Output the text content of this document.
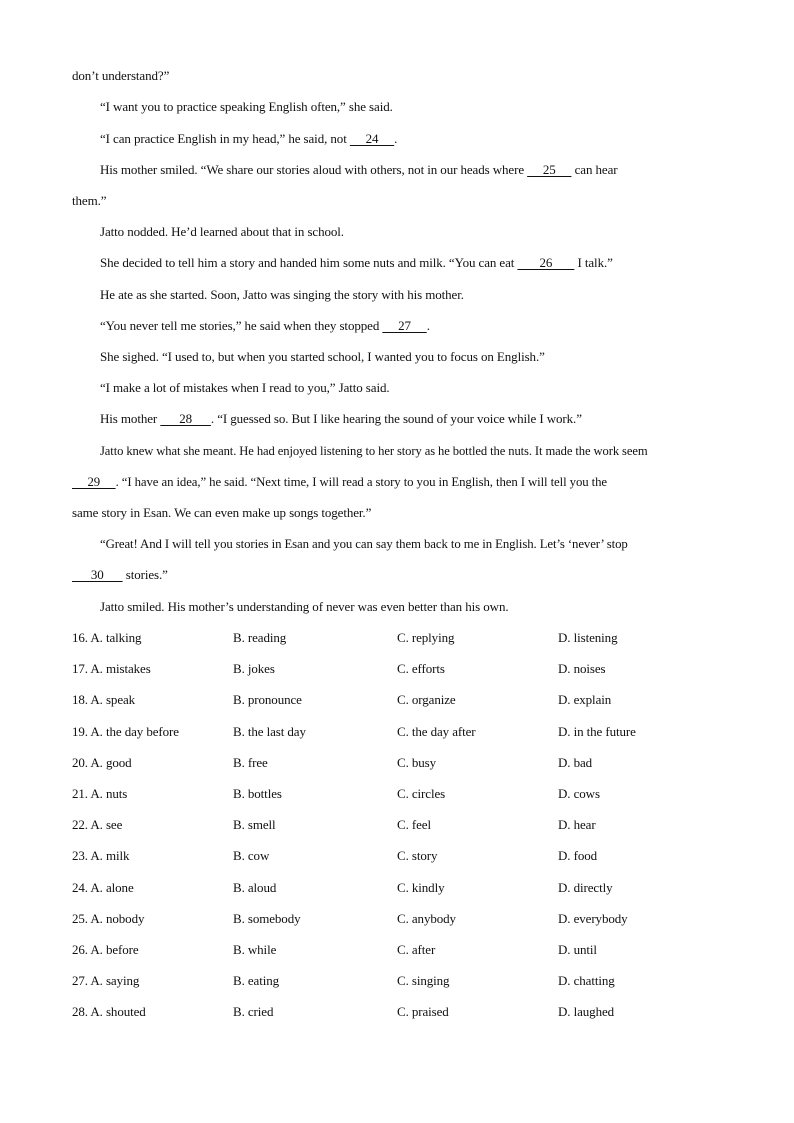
don’t understand?”
“I want you to practice speaking English often,” she said.
“I can practice English in my head,” he said, not      24     .
His mother smiled. “We share our stories aloud with others, not in our heads where      25      can hear
them.”
Jatto nodded. He’d learned about that in school.
She decided to tell him a story and handed him some nuts and milk. “You can eat        26        I talk.”
He ate as she started. Soon, Jatto was singing the story with his mother.
“You never tell me stories,” he said when they stopped      27     .
She sighed. “I used to, but when you started school, I wanted you to focus on English.”
“I make a lot of mistakes when I read to you,” Jatto said.
His mother       28      . “I guessed so. But I like hearing the sound of your voice while I work.”
Jatto knew what she meant. He had enjoyed listening to her story as he bottled the nuts. It made the work seem
29     . “I have an idea,” he said. “Next time, I will read a story to you in English, then I will tell you the
same story in Esan. We can even make up songs together.”
“Great! And I will tell you stories in Esan and you can say them back to me in English. Let’s ‘never’ stop
30       stories.”
Jatto smiled. His mother’s understanding of never was even better than his own.
16. A. talking	B. reading	C. replying	D. listening
17. A. mistakes	B. jokes	C. efforts	D. noises
18. A. speak	B. pronounce	C. organize	D. explain
19. A. the day before	B. the last day	C. the day after	D. in the future
20. A. good	B. free	C. busy	D. bad
21. A. nuts	B. bottles	C. circles	D. cows
22. A. see	B. smell	C. feel	D. hear
23. A. milk	B. cow	C. story	D. food
24. A. alone	B. aloud	C. kindly	D. directly
25. A. nobody	B. somebody	C. anybody	D. everybody
26. A. before	B. while	C. after	D. until
27. A. saying	B. eating	C. singing	D. chatting
28. A. shouted	B. cried	C. praised	D. laughed
